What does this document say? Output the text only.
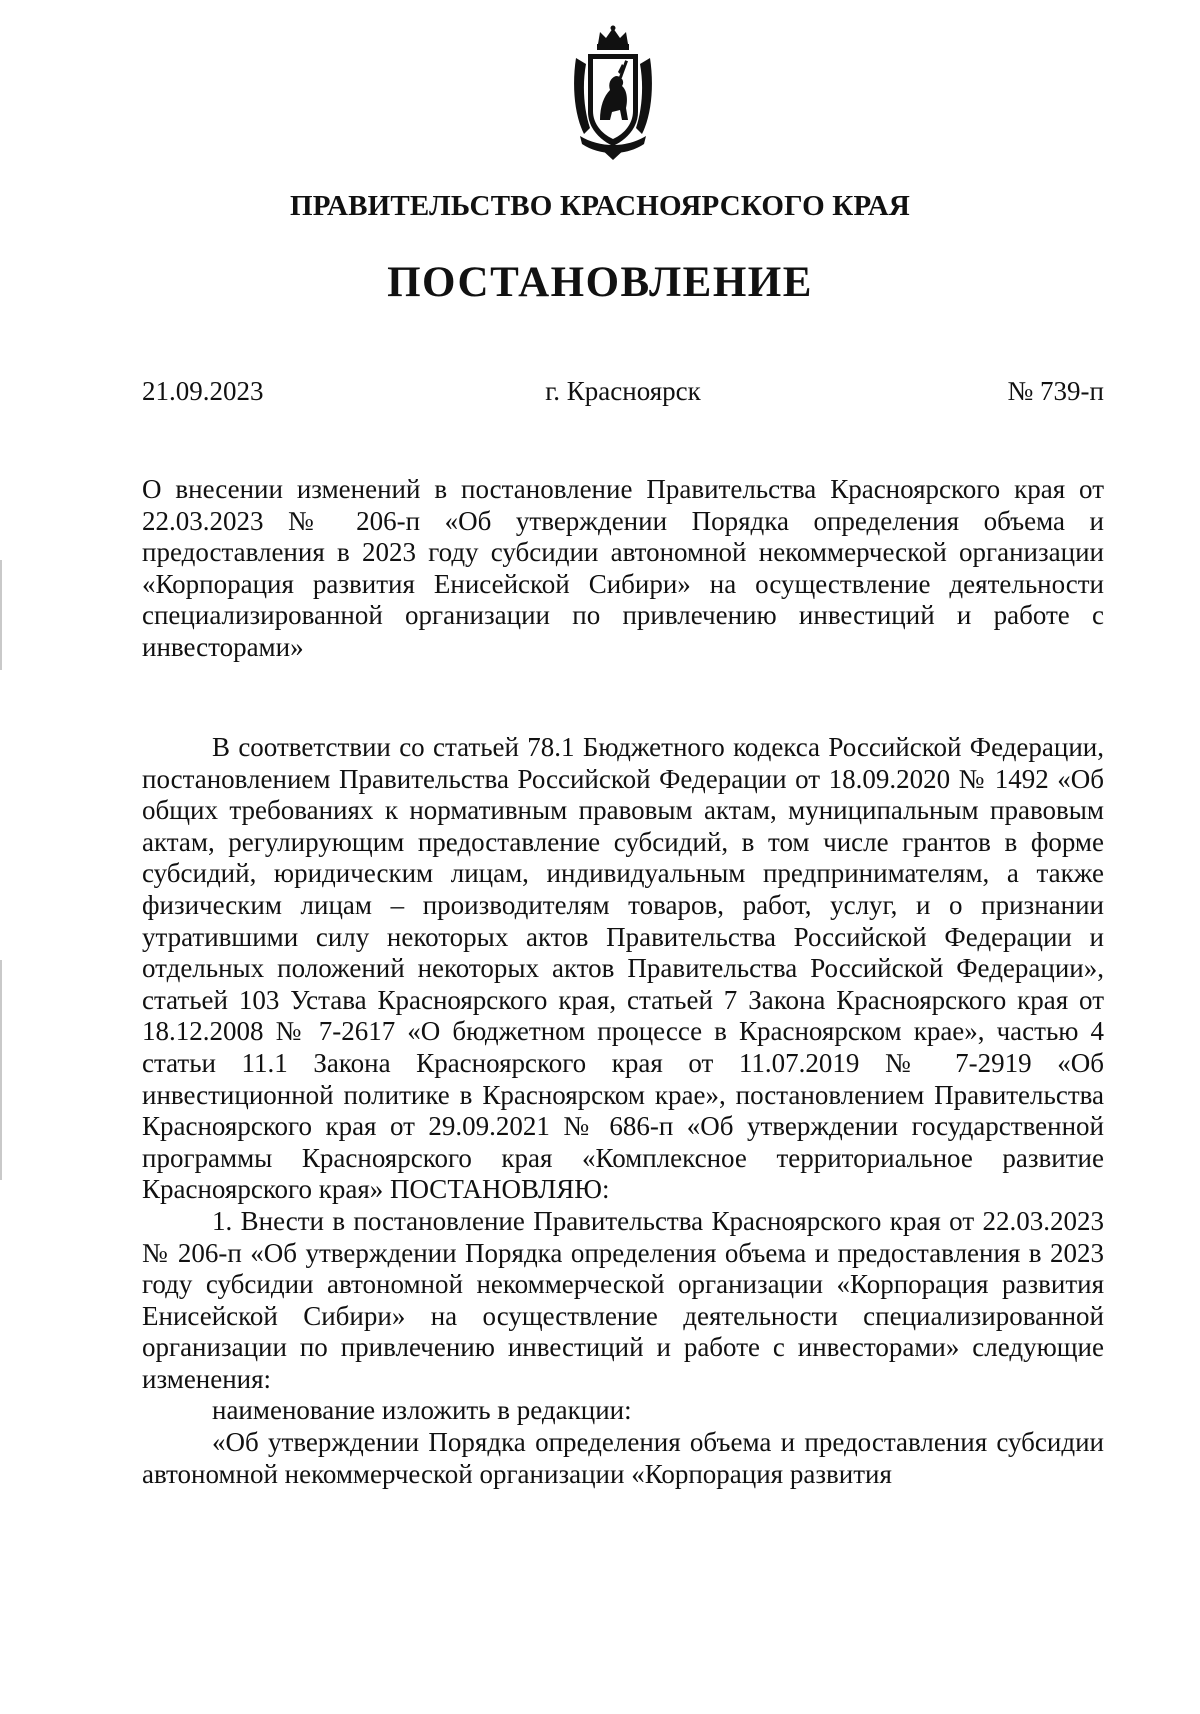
ПРАВИТЕЛЬСТВО КРАСНОЯРСКОГО КРАЯ
ПОСТАНОВЛЕНИЕ
21.09.2023	г. Красноярск	№ 739-п
О внесении изменений в постановление Правительства Красноярского края от 22.03.2023 № 206-п «Об утверждении Порядка определения объема и предоставления в 2023 году субсидии автономной некоммерческой организации «Корпорация развития Енисейской Сибири» на осуществление деятельности специализированной организации по привлечению инвестиций и работе с инвесторами»

В соответствии со статьей 78.1 Бюджетного кодекса Российской Федерации, постановлением Правительства Российской Федерации от 18.09.2020 № 1492 «Об общих требованиях к нормативным правовым актам, муниципальным правовым актам, регулирующим предоставление субсидий, в том числе грантов в форме субсидий, юридическим лицам, индивидуальным предпринимателям, а также физическим лицам – производителям товаров, работ, услуг, и о признании утратившими силу некоторых актов Правительства Российской Федерации и отдельных положений некоторых актов Правительства Российской Федерации», статьей 103 Устава Красноярского края, статьей 7 Закона Красноярского края от 18.12.2008 № 7-2617 «О бюджетном процессе в Красноярском крае», частью 4 статьи 11.1 Закона Красноярского края от 11.07.2019 № 7-2919 «Об инвестиционной политике в Красноярском крае», постановлением Правительства Красноярского края от 29.09.2021 № 686-п «Об утверждении государственной программы Красноярского края «Комплексное территориальное развитие Красноярского края» ПОСТАНОВЛЯЮ:

1. Внести в постановление Правительства Красноярского края от 22.03.2023 № 206-п «Об утверждении Порядка определения объема и предоставления в 2023 году субсидии автономной некоммерческой организации «Корпорация развития Енисейской Сибири» на осуществление деятельности специализированной организации по привлечению инвестиций и работе с инвесторами» следующие изменения:

наименование изложить в редакции:

«Об утверждении Порядка определения объема и предоставления субсидии автономной некоммерческой организации «Корпорация развития
